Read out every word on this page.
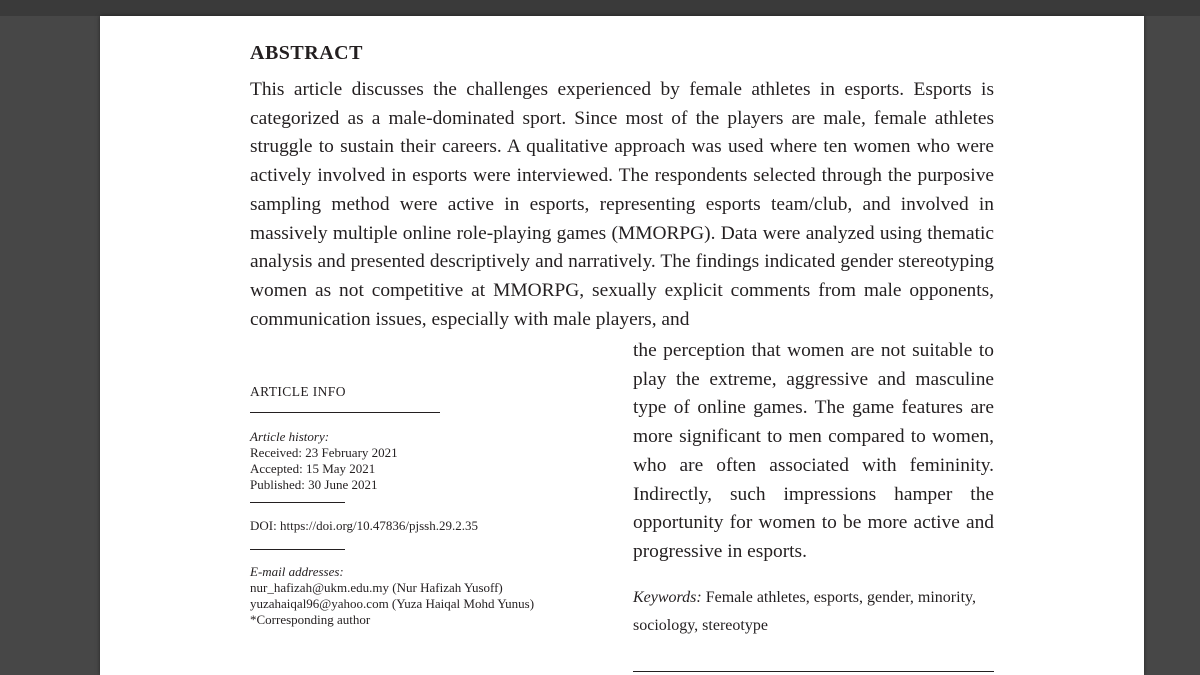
ABSTRACT

This article discusses the challenges experienced by female athletes in esports. Esports is categorized as a male-dominated sport. Since most of the players are male, female athletes struggle to sustain their careers. A qualitative approach was used where ten women who were actively involved in esports were interviewed. The respondents selected through the purposive sampling method were active in esports, representing esports team/club, and involved in massively multiple online role-playing games (MMORPG). Data were analyzed using thematic analysis and presented descriptively and narratively. The findings indicated gender stereotyping women as not competitive at MMORPG, sexually explicit comments from male opponents, communication issues, especially with male players, and

the perception that women are not suitable to play the extreme, aggressive and masculine type of online games. The game features are more significant to men compared to women, who are often associated with femininity. Indirectly, such impressions hamper the opportunity for women to be more active and progressive in esports.

Keywords: Female athletes, esports, gender, minority, sociology, stereotype

ARTICLE INFO
Article history:
Received: 23 February 2021
Accepted: 15 May 2021
Published: 30 June 2021
DOI: https://doi.org/10.47836/pjssh.29.2.35
E-mail addresses:
nur_hafizah@ukm.edu.my (Nur Hafizah Yusoff)
yuzahaiqal96@yahoo.com (Yuza Haiqal Mohd Yunus)
*Corresponding author
